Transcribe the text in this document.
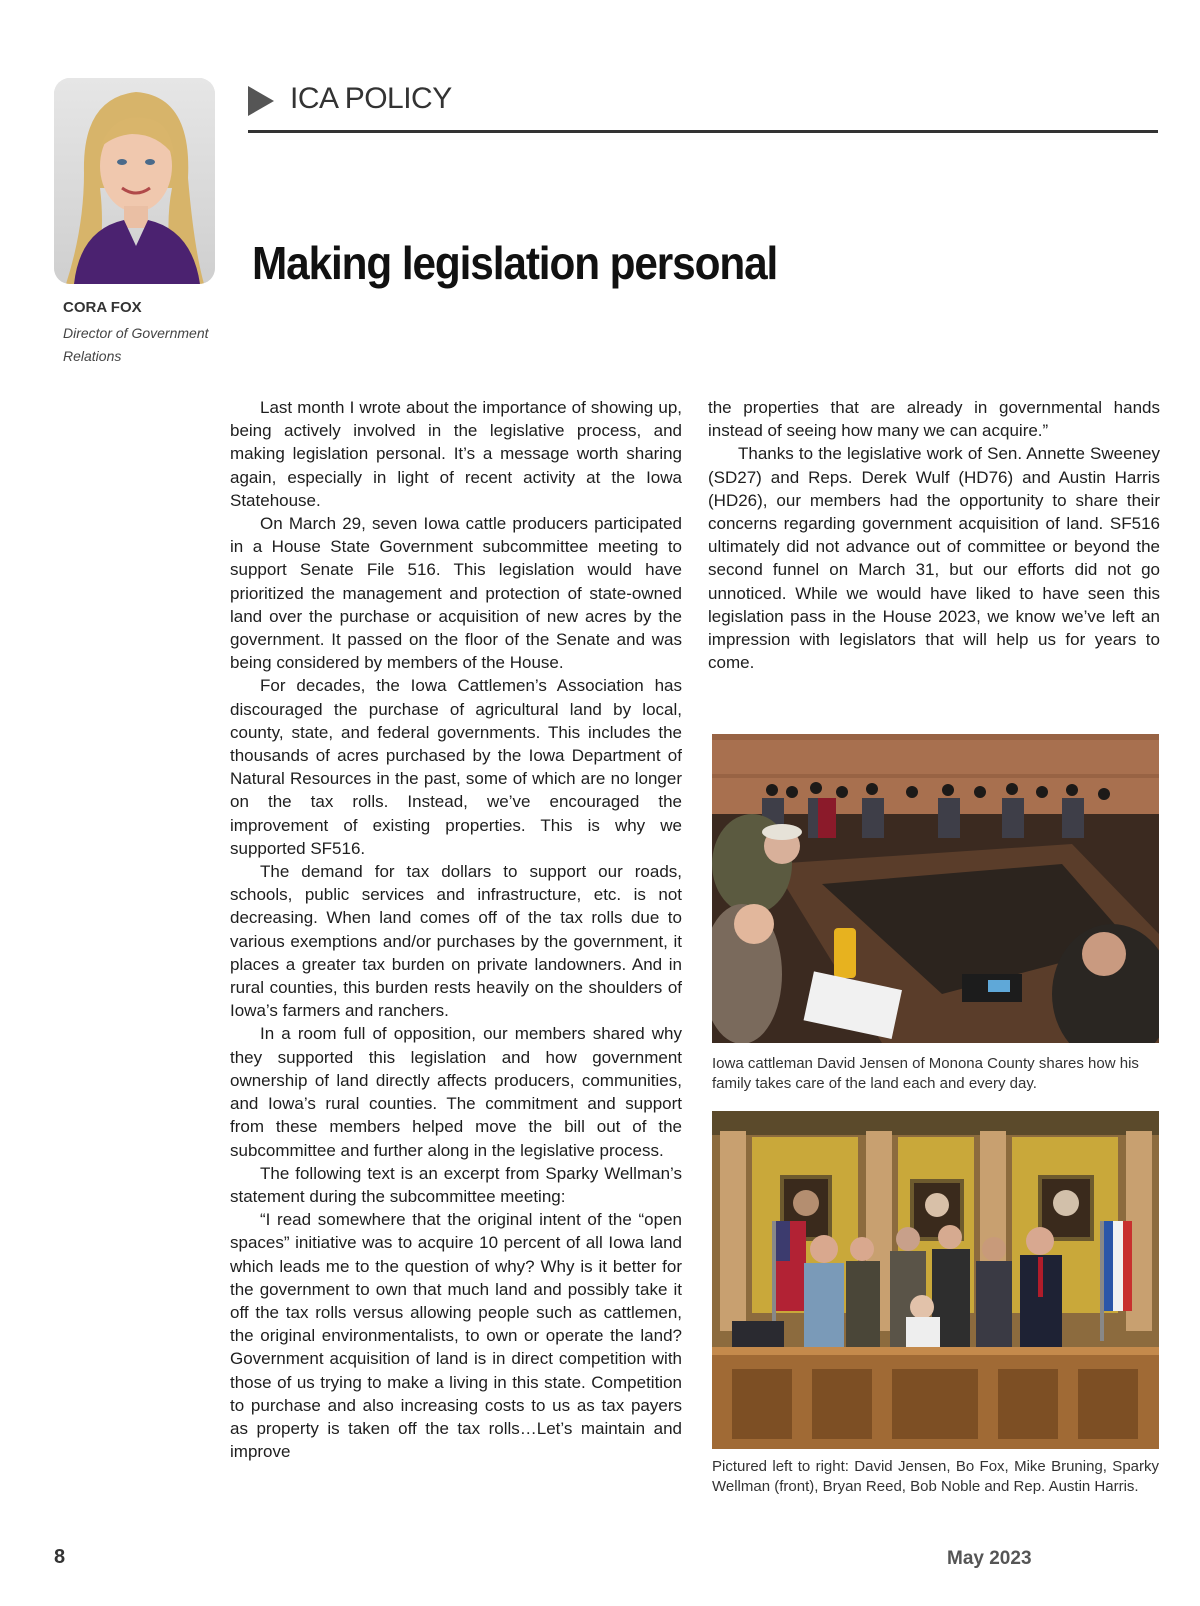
CORA FOX
Director of Government Relations
ICA POLICY
Making legislation personal

Last month I wrote about the importance of showing up, being actively involved in the legislative process, and making legislation personal. It’s a message worth sharing again, especially in light of recent activity at the Iowa Statehouse.

On March 29, seven Iowa cattle producers participated in a House State Government subcommittee meeting to support Senate File 516. This legislation would have prioritized the management and protection of state-owned land over the purchase or acquisition of new acres by the government. It passed on the floor of the Senate and was being considered by members of the House.

For decades, the Iowa Cattlemen’s Association has discouraged the purchase of agricultural land by local, county, state, and federal governments. This includes the thousands of acres purchased by the Iowa Department of Natural Resources in the past, some of which are no longer on the tax rolls. Instead, we’ve encouraged the improvement of existing properties. This is why we supported SF516.

The demand for tax dollars to support our roads, schools, public services and infrastructure, etc. is not decreasing. When land comes off of the tax rolls due to various exemptions and/or purchases by the government, it places a greater tax burden on private landowners. And in rural counties, this burden rests heavily on the shoulders of Iowa’s farmers and ranchers.

In a room full of opposition, our members shared why they supported this legislation and how government ownership of land directly affects producers, communities, and Iowa’s rural counties. The commitment and support from these members helped move the bill out of the subcommittee and further along in the legislative process.

The following text is an excerpt from Sparky Wellman’s statement during the subcommittee meeting:

“I read somewhere that the original intent of the “open spaces” initiative was to acquire 10 percent of all Iowa land which leads me to the question of why? Why is it better for the government to own that much land and possibly take it off the tax rolls versus allowing people such as cattlemen, the original environmentalists, to own or operate the land? Government acquisition of land is in direct competition with those of us trying to make a living in this state. Competition to purchase and also increasing costs to us as tax payers as property is taken off the tax rolls…Let’s maintain and improve

the properties that are already in governmental hands instead of seeing how many we can acquire.”

Thanks to the legislative work of Sen. Annette Sweeney (SD27) and Reps. Derek Wulf (HD76) and Austin Harris (HD26), our members had the opportunity to share their concerns regarding government acquisition of land. SF516 ultimately did not advance out of committee or beyond the second funnel on March 31, but our efforts did not go unnoticed. While we would have liked to have seen this legislation pass in the House 2023, we know we’ve left an impression with legislators that will help us for years to come.

Iowa cattleman David Jensen of Monona County shares how his family takes care of the land each and every day.
Pictured left to right: David Jensen, Bo Fox, Mike Bruning, Sparky Wellman (front), Bryan Reed, Bob Noble and Rep. Austin Harris.
8	May 2023
